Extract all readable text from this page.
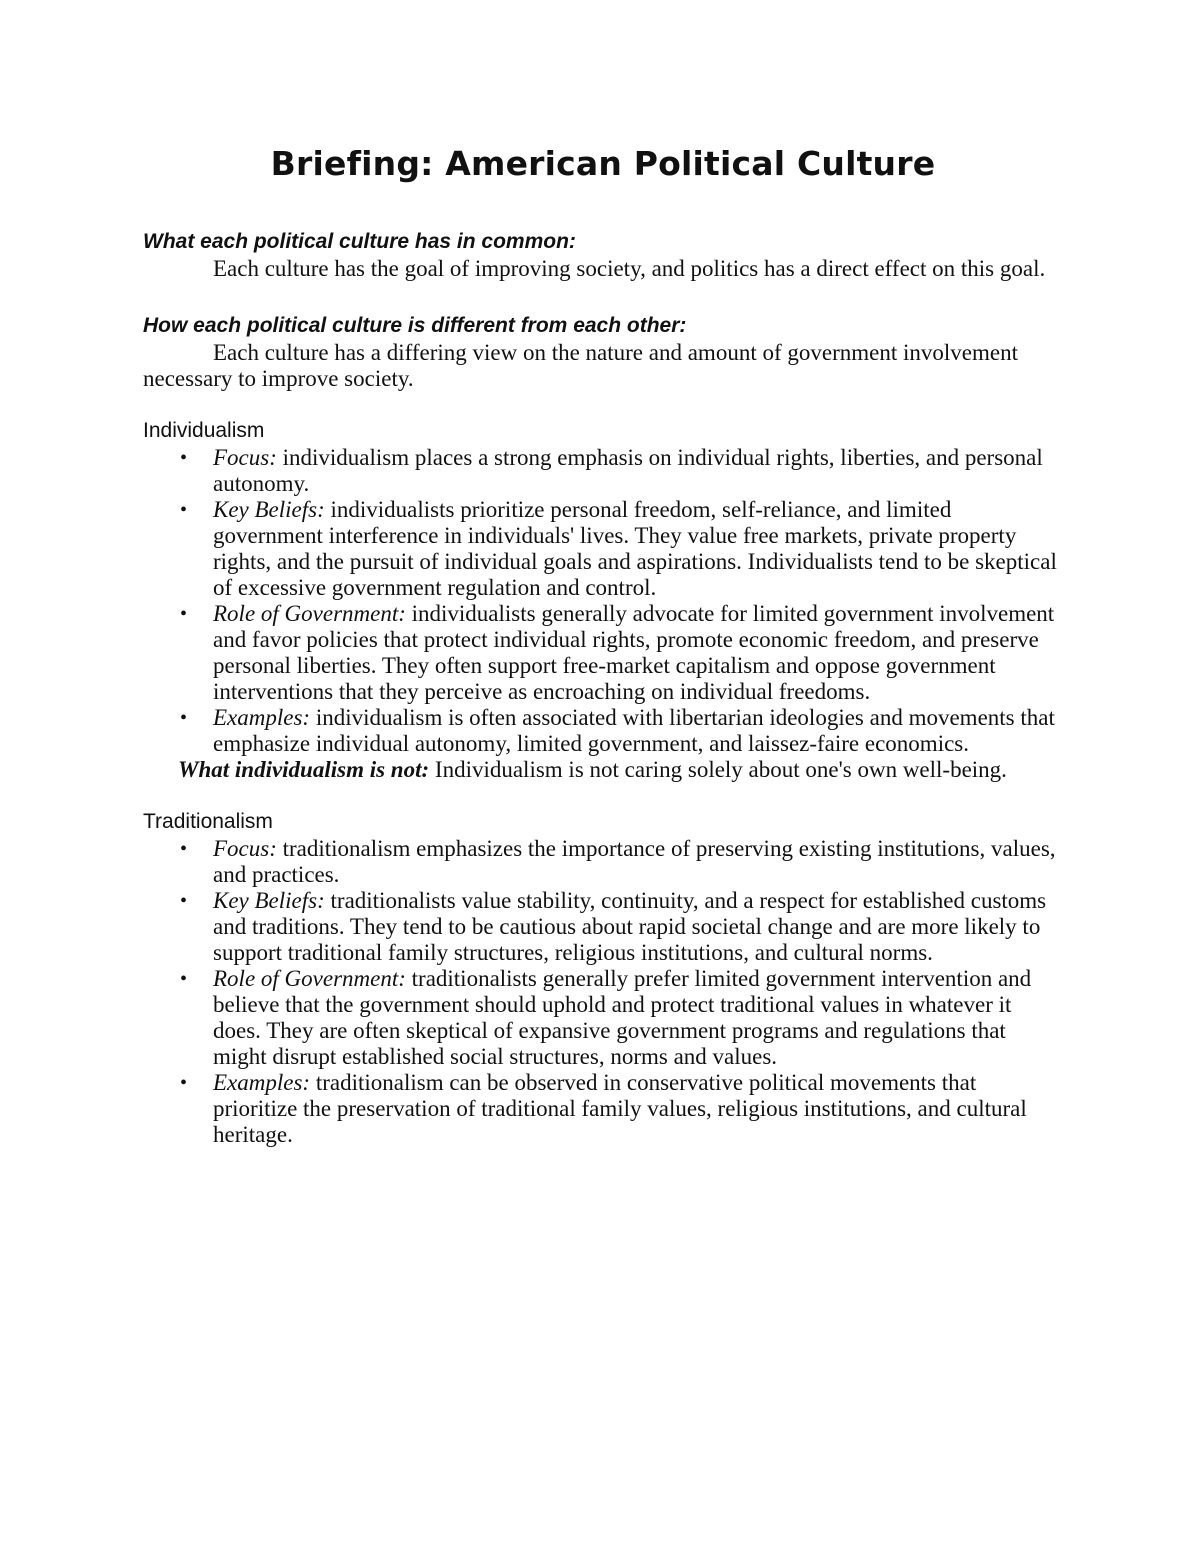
Briefing: American Political Culture

What each political culture has in common:

Each culture has the goal of improving society, and politics has a direct effect on this goal.

How each political culture is different from each other:

Each culture has a differing view on the nature and amount of government involvement necessary to improve society.

Individualism

• Focus: individualism places a strong emphasis on individual rights, liberties, and personal autonomy.
• Key Beliefs: individualists prioritize personal freedom, self-reliance, and limited government interference in individuals' lives. They value free markets, private property rights, and the pursuit of individual goals and aspirations. Individualists tend to be skeptical of excessive government regulation and control.
• Role of Government: individualists generally advocate for limited government involvement and favor policies that protect individual rights, promote economic freedom, and preserve personal liberties. They often support free-market capitalism and oppose government interventions that they perceive as encroaching on individual freedoms.
• Examples: individualism is often associated with libertarian ideologies and movements that emphasize individual autonomy, limited government, and laissez-faire economics.

What individualism is not: Individualism is not caring solely about one's own well-being.

Traditionalism

• Focus: traditionalism emphasizes the importance of preserving existing institutions, values, and practices.
• Key Beliefs: traditionalists value stability, continuity, and a respect for established customs and traditions. They tend to be cautious about rapid societal change and are more likely to support traditional family structures, religious institutions, and cultural norms.
• Role of Government: traditionalists generally prefer limited government intervention and believe that the government should uphold and protect traditional values in whatever it does. They are often skeptical of expansive government programs and regulations that might disrupt established social structures, norms and values.
• Examples: traditionalism can be observed in conservative political movements that prioritize the preservation of traditional family values, religious institutions, and cultural heritage.
